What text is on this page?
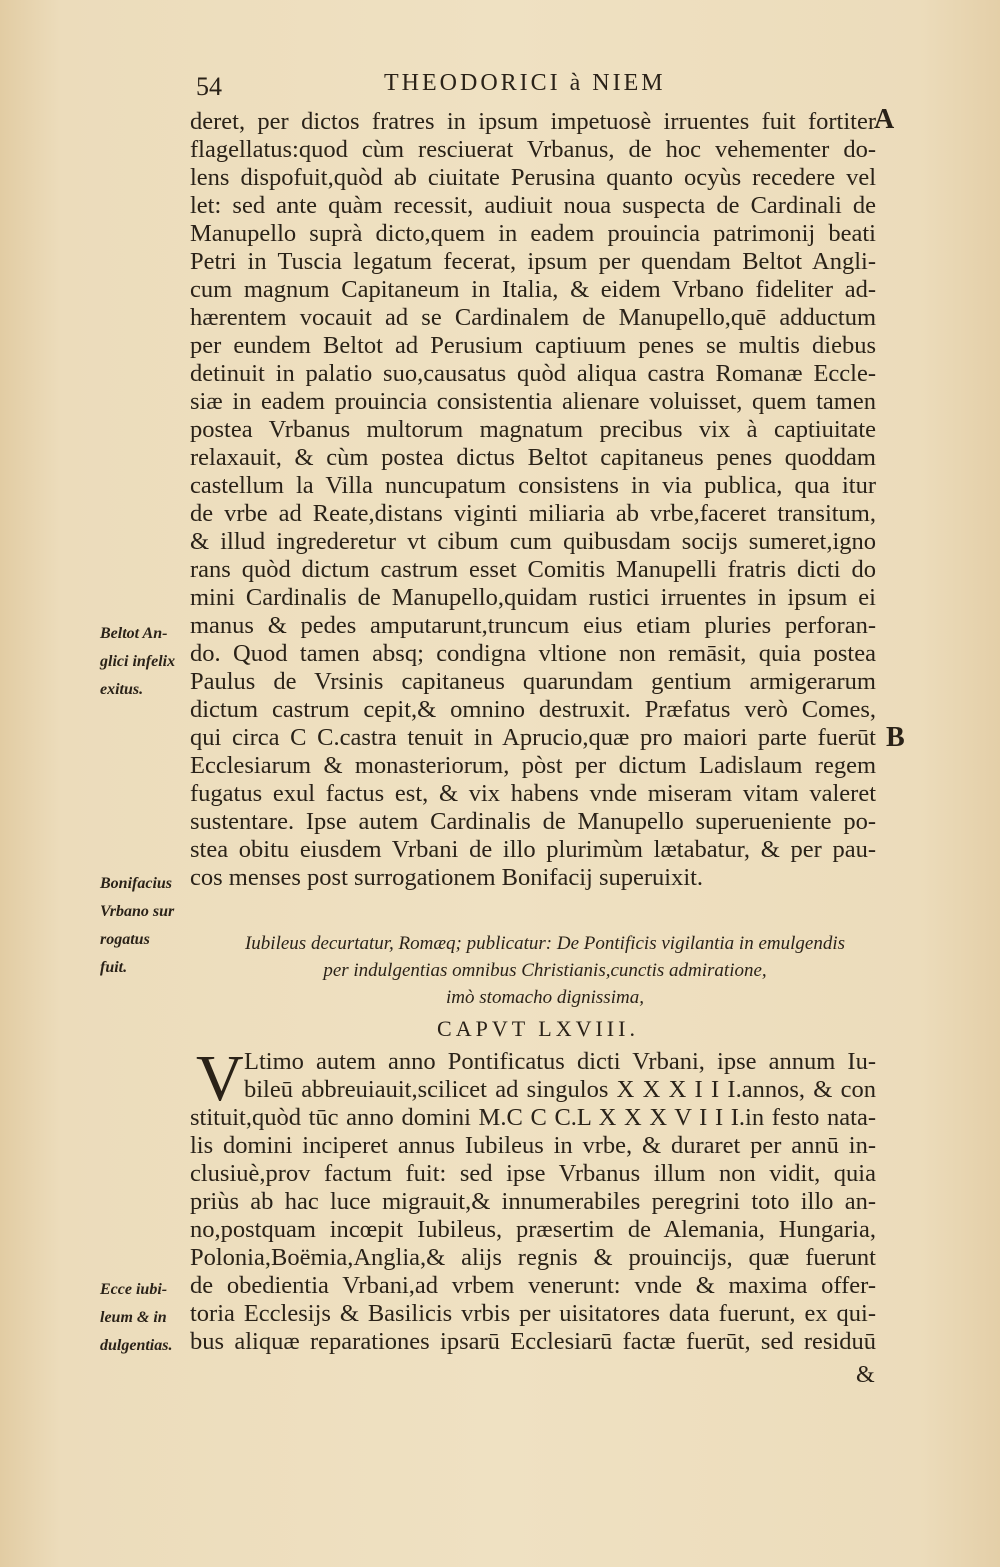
54	THEODORICI à NIEM
A
B
deret, per dictos fratres in ipsum impetuosè irruentes fuit fortiter
flagellatus:quod cùm resciuerat Vrbanus, de hoc vehementer do-
lens dispofuit,quòd ab ciuitate Perusina quanto ocyùs recedere vel
let: sed ante quàm recessit, audiuit noua suspecta de Cardinali de
Manupello suprà dicto,quem in eadem prouincia patrimonij beati
Petri in Tuscia legatum fecerat, ipsum per quendam Beltot Angli-
cum magnum Capitaneum in Italia, & eidem Vrbano fideliter ad-
hærentem vocauit ad se Cardinalem de Manupello,quē adductum
per eundem Beltot ad Perusium captiuum penes se multis diebus
detinuit in palatio suo,causatus quòd aliqua castra Romanæ Eccle-
siæ in eadem prouincia consistentia alienare voluisset, quem tamen
postea Vrbanus multorum magnatum precibus vix à captiuitate
relaxauit, & cùm postea dictus Beltot capitaneus penes quoddam
castellum la Villa nuncupatum consistens in via publica, qua itur
de vrbe ad Reate,distans viginti miliaria ab vrbe,faceret transitum,
& illud ingrederetur vt cibum cum quibusdam socijs sumeret,igno
rans quòd dictum castrum esset Comitis Manupelli fratris dicti do
mini Cardinalis de Manupello,quidam rustici irruentes in ipsum ei
manus & pedes amputarunt,truncum eius etiam pluries perforan-
do. Quod tamen absq; condigna vltione non remāsit, quia postea
Paulus de Vrsinis capitaneus quarundam gentium armigerarum
dictum castrum cepit,& omnino destruxit. Præfatus verò Comes,
qui circa C C.castra tenuit in Aprucio,quæ pro maiori parte fuerūt
Ecclesiarum & monasteriorum, pòst per dictum Ladislaum regem
fugatus exul factus est, & vix habens vnde miseram vitam valeret
sustentare. Ipse autem Cardinalis de Manupello superueniente po-
stea obitu eiusdem Vrbani de illo plurimùm lætabatur, & per pau-
cos menses post surrogationem Bonifacij superuixit.
Beltot An-
glici infelix
exitus.
Bonifacius
Vrbano sur
rogatus
fuit.
Iubileus decurtatur, Romæq; publicatur: De Pontificis vigilantia in emulgendis
per indulgentias omnibus Christianis,cunctis admiratione,
imò stomacho dignissima,
CAPVT LXVIII.
V Ltimo autem anno Pontificatus dicti Vrbani, ipse annum Iu-
bileū abbreuiauit,scilicet ad singulos X X X I I I.annos, & con
stituit,quòd tūc anno domini M.C C C.L X X X V I I I.in festo nata-
lis domini inciperet annus Iubileus in vrbe, & duraret per annū in-
clusiuè,prov factum fuit: sed ipse Vrbanus illum non vidit, quia
priùs ab hac luce migrauit,& innumerabiles peregrini toto illo an-
no,postquam incœpit Iubileus, præsertim de Alemania, Hungaria,
Polonia,Boëmia,Anglia,& alijs regnis & prouincijs, quæ fuerunt
de obedientia Vrbani,ad vrbem venerunt: vnde & maxima offer-
toria Ecclesijs & Basilicis vrbis per uisitatores data fuerunt, ex qui-
bus aliquæ reparationes ipsarū Ecclesiarū factæ fuerūt, sed residuū
Ecce iubi-
leum & in
dulgentias.
&
